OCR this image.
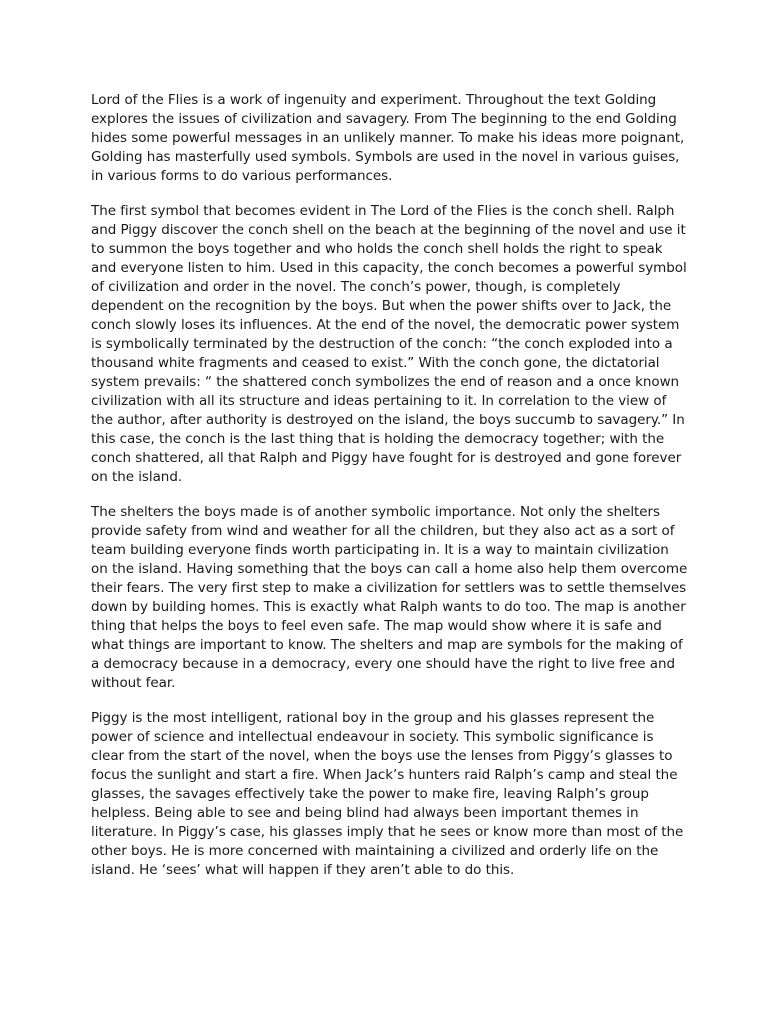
Lord of the Flies is a work of ingenuity and experiment. Throughout the text Golding explores the issues of civilization and savagery. From The beginning to the end Golding hides some powerful messages in an unlikely manner. To make his ideas more poignant, Golding has masterfully used symbols. Symbols are used in the novel in various guises, in various forms to do various performances.

The first symbol that becomes evident in The Lord of the Flies is the conch shell. Ralph and Piggy discover the conch shell on the beach at the beginning of the novel and use it to summon the boys together and who holds the conch shell holds the right to speak and everyone listen to him. Used in this capacity, the conch becomes a powerful symbol of civilization and order in the novel. The conch’s power, though, is completely dependent on the recognition by the boys. But when the power shifts over to Jack, the conch slowly loses its influences. At the end of the novel, the democratic power system is symbolically terminated by the destruction of the conch: “the conch exploded into a thousand white fragments and ceased to exist.” With the conch gone, the dictatorial system prevails: “ the shattered conch symbolizes the end of reason and a once known civilization with all its structure and ideas pertaining to it. In correlation to the view of the author, after authority is destroyed on the island, the boys succumb to savagery.” In this case, the conch is the last thing that is holding the democracy together; with the conch shattered, all that Ralph and Piggy have fought for is destroyed and gone forever on the island.

The shelters the boys made is of another symbolic importance. Not only the shelters provide safety from wind and weather for all the children, but they also act as a sort of team building everyone finds worth participating in. It is a way to maintain civilization on the island. Having something that the boys can call a home also help them overcome their fears. The very first step to make a civilization for settlers was to settle themselves down by building homes. This is exactly what Ralph wants to do too. The map is another thing that helps the boys to feel even safe. The map would show where it is safe and what things are important to know. The shelters and map are symbols for the making of a democracy because in a democracy, every one should have the right to live free and without fear.

Piggy is the most intelligent, rational boy in the group and his glasses represent the power of science and intellectual endeavour in society. This symbolic significance is clear from the start of the novel, when the boys use the lenses from Piggy’s glasses to focus the sunlight and start a fire. When Jack’s hunters raid Ralph’s camp and steal the glasses, the savages effectively take the power to make fire, leaving Ralph’s group helpless. Being able to see and being blind had always been important themes in literature. In Piggy’s case, his glasses imply that he sees or know more than most of the other boys. He is more concerned with maintaining a civilized and orderly life on the island. He ‘sees’ what will happen if they aren’t able to do this.
